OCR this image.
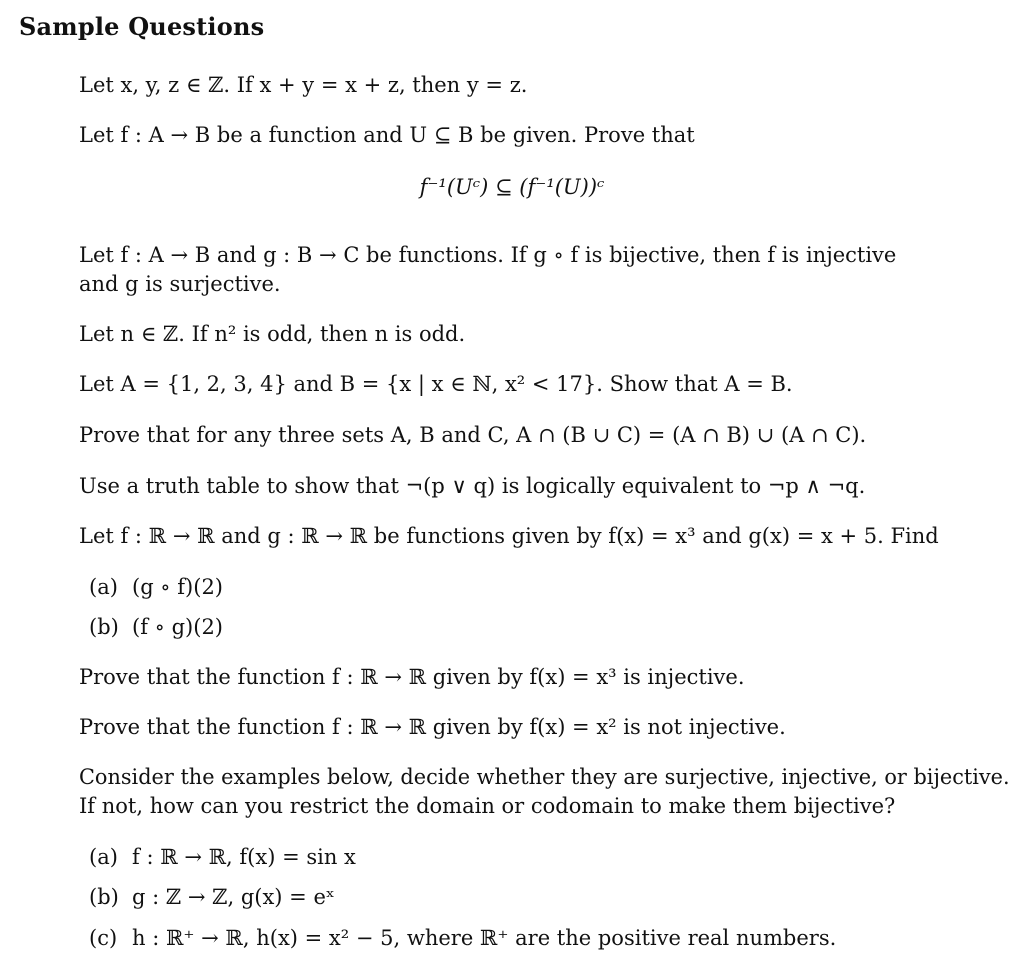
Sample Questions
Let x, y, z ∈ ℤ. If x + y = x + z, then y = z.
Let f : A → B be a function and U ⊆ B be given. Prove that
f⁻¹(Uᶜ) ⊆ (f⁻¹(U))ᶜ
Let f : A → B and g : B → C be functions. If g ∘ f is bijective, then f is injective
and g is surjective.
Let n ∈ ℤ. If n² is odd, then n is odd.
Let A = {1, 2, 3, 4} and B = {x | x ∈ ℕ, x² < 17}. Show that A = B.
Prove that for any three sets A, B and C, A ∩ (B ∪ C) = (A ∩ B) ∪ (A ∩ C).
Use a truth table to show that ¬(p ∨ q) is logically equivalent to ¬p ∧ ¬q.
Let f : ℝ → ℝ and g : ℝ → ℝ be functions given by f(x) = x³ and g(x) = x + 5. Find
(a) (g ∘ f)(2)
(b) (f ∘ g)(2)
Prove that the function f : ℝ → ℝ given by f(x) = x³ is injective.
Prove that the function f : ℝ → ℝ given by f(x) = x² is not injective.
Consider the examples below, decide whether they are surjective, injective, or bijective.
If not, how can you restrict the domain or codomain to make them bijective?
(a) f : ℝ → ℝ, f(x) = sin x
(b) g : ℤ → ℤ, g(x) = eˣ
(c) h : ℝ⁺ → ℝ, h(x) = x² − 5, where ℝ⁺ are the positive real numbers.
